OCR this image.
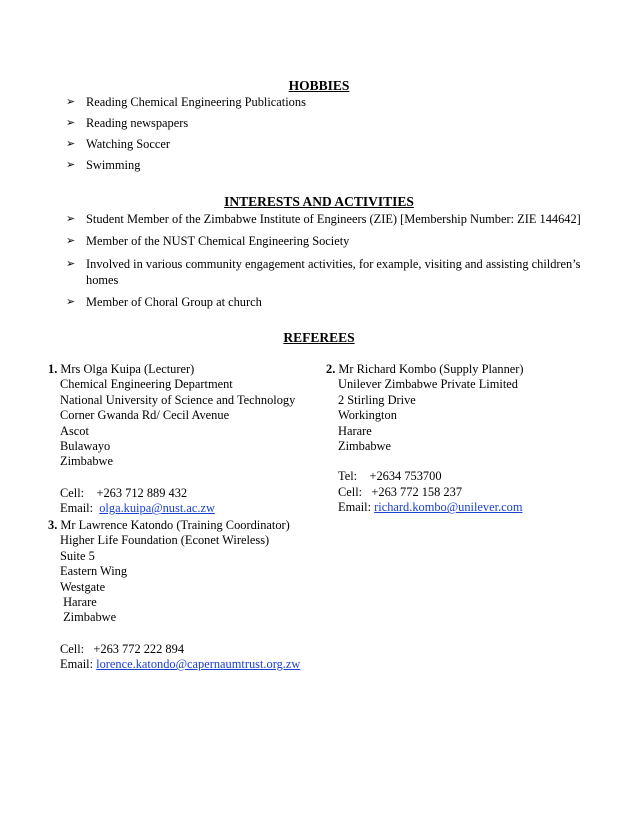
HOBBIES
➢ Reading Chemical Engineering Publications
➢ Reading newspapers
➢ Watching Soccer
➢ Swimming
INTERESTS AND ACTIVITIES
➢ Student Member of the Zimbabwe Institute of Engineers (ZIE) [Membership Number: ZIE 144642]
➢ Member of the NUST Chemical Engineering Society
➢ Involved in various community engagement activities, for example, visiting and assisting children’s homes
➢ Member of Choral Group at church
REFEREES
1. Mrs Olga Kuipa (Lecturer)
Chemical Engineering Department
National University of Science and Technology
Corner Gwanda Rd/ Cecil Avenue
Ascot
Bulawayo
Zimbabwe
Cell:    +263 712 889 432
Email:  olga.kuipa@nust.ac.zw
2. Mr Richard Kombo (Supply Planner)
Unilever Zimbabwe Private Limited
2 Stirling Drive
Workington
Harare
Zimbabwe
Tel:    +2634 753700
Cell:   +263 772 158 237
Email: richard.kombo@unilever.com
3. Mr Lawrence Katondo (Training Coordinator)
Higher Life Foundation (Econet Wireless)
Suite 5
Eastern Wing
Westgate
Harare
Zimbabwe
Cell:   +263 772 222 894
Email: lorence.katondo@capernaumtrust.org.zw
